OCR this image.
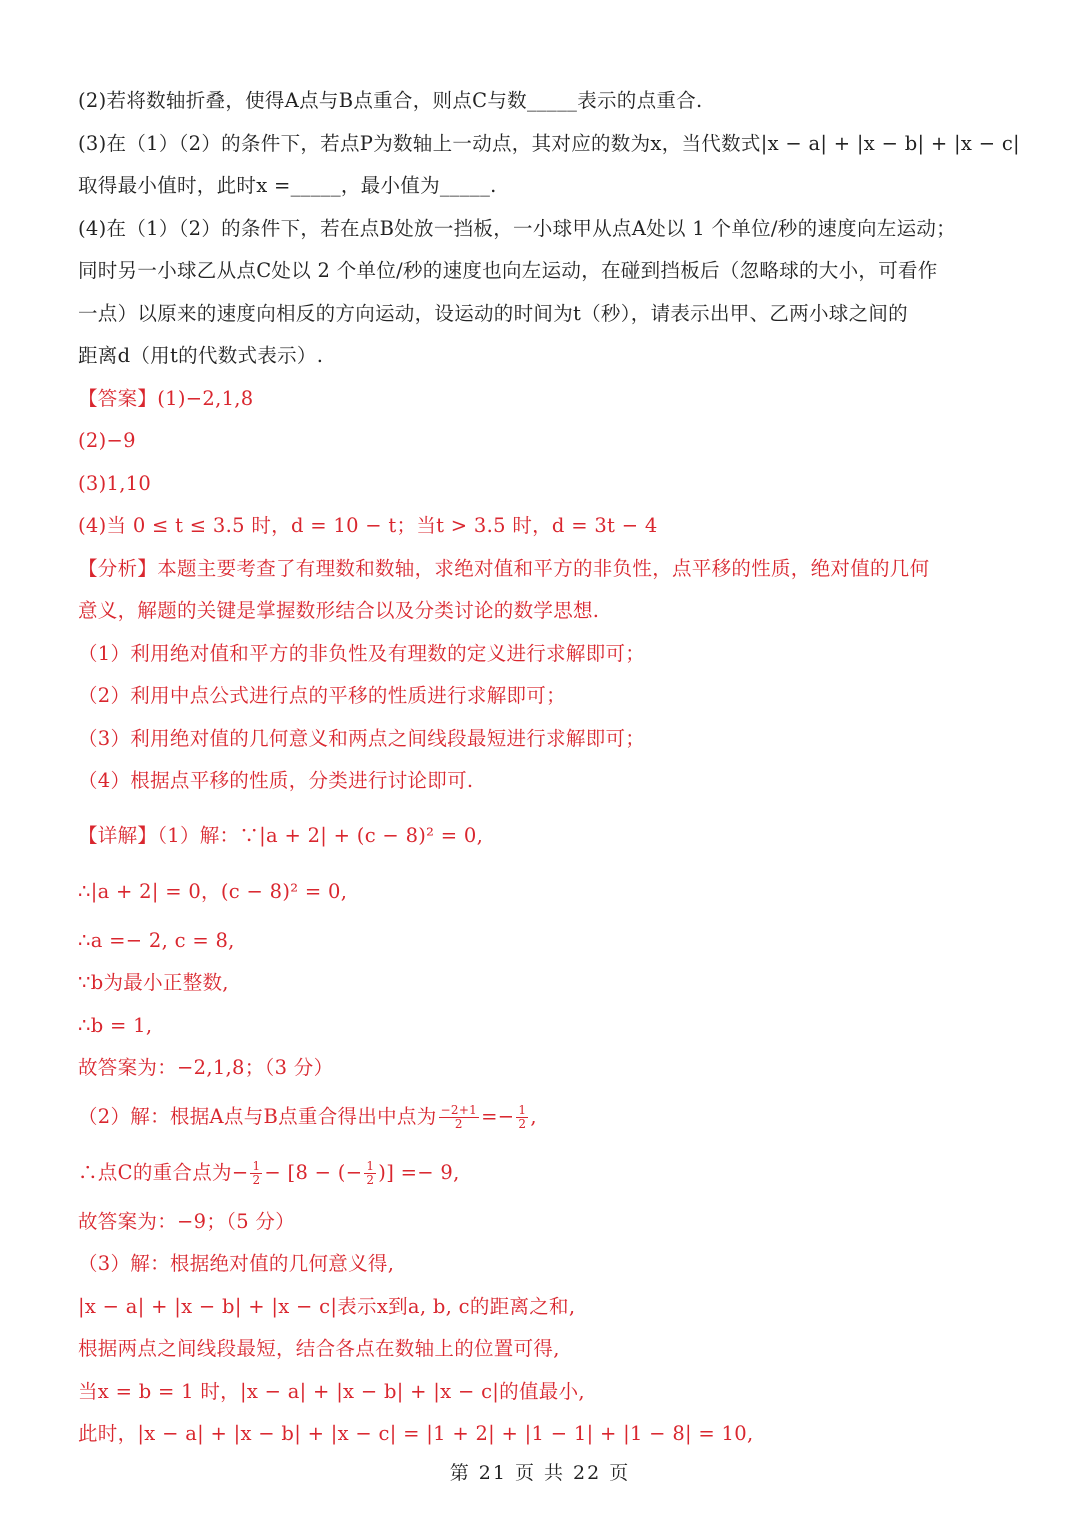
(2)若将数轴折叠，使得A点与B点重合，则点C与数_____表示的点重合.
(3)在（1）（2）的条件下，若点P为数轴上一动点，其对应的数为x，当代数式|x − a| + |x − b| + |x − c|
取得最小值时，此时x =_____，最小值为_____.
(4)在（1）（2）的条件下，若在点B处放一挡板，一小球甲从点A处以 1 个单位/秒的速度向左运动；
同时另一小球乙从点C处以 2 个单位/秒的速度也向左运动，在碰到挡板后（忽略球的大小，可看作
一点）以原来的速度向相反的方向运动，设运动的时间为t（秒），请表示出甲、乙两小球之间的
距离d（用t的代数式表示）.
【答案】(1)−2,1,8
(2)−9
(3)1,10
(4)当 0 ≤ t ≤ 3.5 时，d = 10 − t；当t > 3.5 时，d = 3t − 4
【分析】本题主要考查了有理数和数轴，求绝对值和平方的非负性，点平移的性质，绝对值的几何
意义，解题的关键是掌握数形结合以及分类讨论的数学思想.
（1）利用绝对值和平方的非负性及有理数的定义进行求解即可；
（2）利用中点公式进行点的平移的性质进行求解即可；
（3）利用绝对值的几何意义和两点之间线段最短进行求解即可；
（4）根据点平移的性质，分类进行讨论即可.
【详解】（1）解：∵|a + 2| + (c − 8)² = 0,
∴|a + 2| = 0，(c − 8)² = 0,
∴a =− 2, c = 8,
∵b为最小正整数,
∴b = 1,
故答案为：−2,1,8；（3 分）
（2）解：根据A点与B点重合得出中点为 $\frac{-2+1}{2} =- \frac{1}{2}$ ,
∴点C的重合点为− $\frac{1}{2} - [8$ − (− $\frac{1}{2}$ )] =− 9,
故答案为：−9；（5 分）
（3）解：根据绝对值的几何意义得,
|x − a| + |x − b| + |x − c|表示x到a, b, c的距离之和,
根据两点之间线段最短，结合各点在数轴上的位置可得,
当x = b = 1 时，|x − a| + |x − b| + |x − c|的值最小,
此时，|x − a| + |x − b| + |x − c| = |1 + 2| + |1 − 1| + |1 − 8| = 10,
第 21 页 共 22 页
